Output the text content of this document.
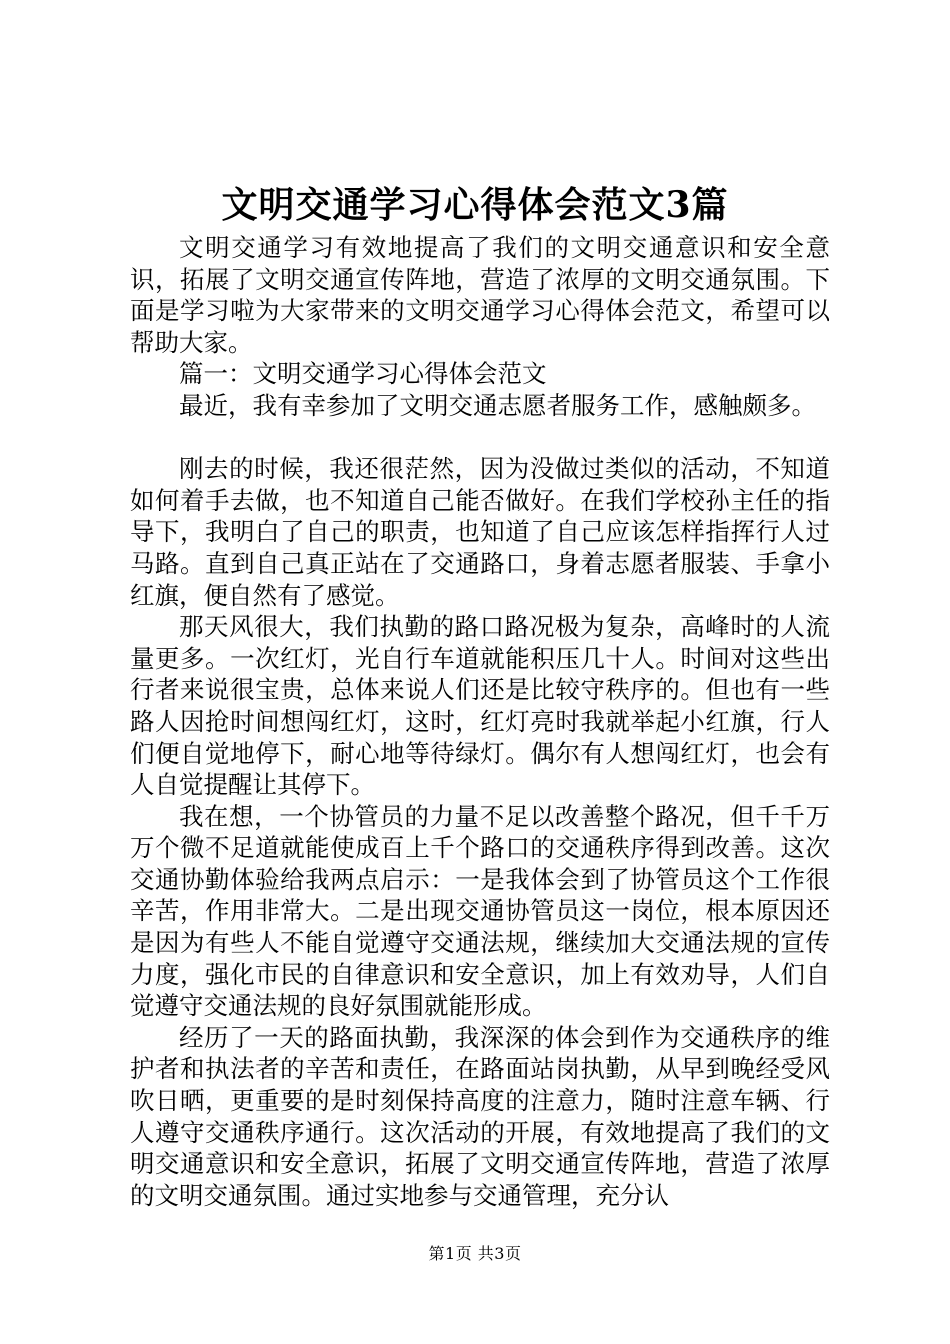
文明交通学习心得体会范文3篇

文明交通学习有效地提高了我们的文明交通意识和安全意识，拓展了文明交通宣传阵地，营造了浓厚的文明交通氛围。下面是学习啦为大家带来的文明交通学习心得体会范文，希望可以帮助大家。

篇一：文明交通学习心得体会范文

最近，我有幸参加了文明交通志愿者服务工作，感触颇多。

刚去的时候，我还很茫然，因为没做过类似的活动，不知道如何着手去做，也不知道自己能否做好。在我们学校孙主任的指导下，我明白了自己的职责，也知道了自己应该怎样指挥行人过马路。直到自己真正站在了交通路口，身着志愿者服装、手拿小红旗，便自然有了感觉。

那天风很大，我们执勤的路口路况极为复杂，高峰时的人流量更多。一次红灯，光自行车道就能积压几十人。时间对这些出行者来说很宝贵，总体来说人们还是比较守秩序的。但也有一些路人因抢时间想闯红灯，这时，红灯亮时我就举起小红旗，行人们便自觉地停下，耐心地等待绿灯。偶尔有人想闯红灯，也会有人自觉提醒让其停下。

我在想，一个协管员的力量不足以改善整个路况，但千千万万个微不足道就能使成百上千个路口的交通秩序得到改善。这次交通协勤体验给我两点启示：一是我体会到了协管员这个工作很辛苦，作用非常大。二是出现交通协管员这一岗位，根本原因还是因为有些人不能自觉遵守交通法规，继续加大交通法规的宣传力度，强化市民的自律意识和安全意识，加上有效劝导，人们自觉遵守交通法规的良好氛围就能形成。

经历了一天的路面执勤，我深深的体会到作为交通秩序的维护者和执法者的辛苦和责任，在路面站岗执勤，从早到晚经受风吹日晒，更重要的是时刻保持高度的注意力，随时注意车辆、行人遵守交通秩序通行。这次活动的开展，有效地提高了我们的文明交通意识和安全意识，拓展了文明交通宣传阵地，营造了浓厚的文明交通氛围。通过实地参与交通管理，充分认

第1页 共3页
